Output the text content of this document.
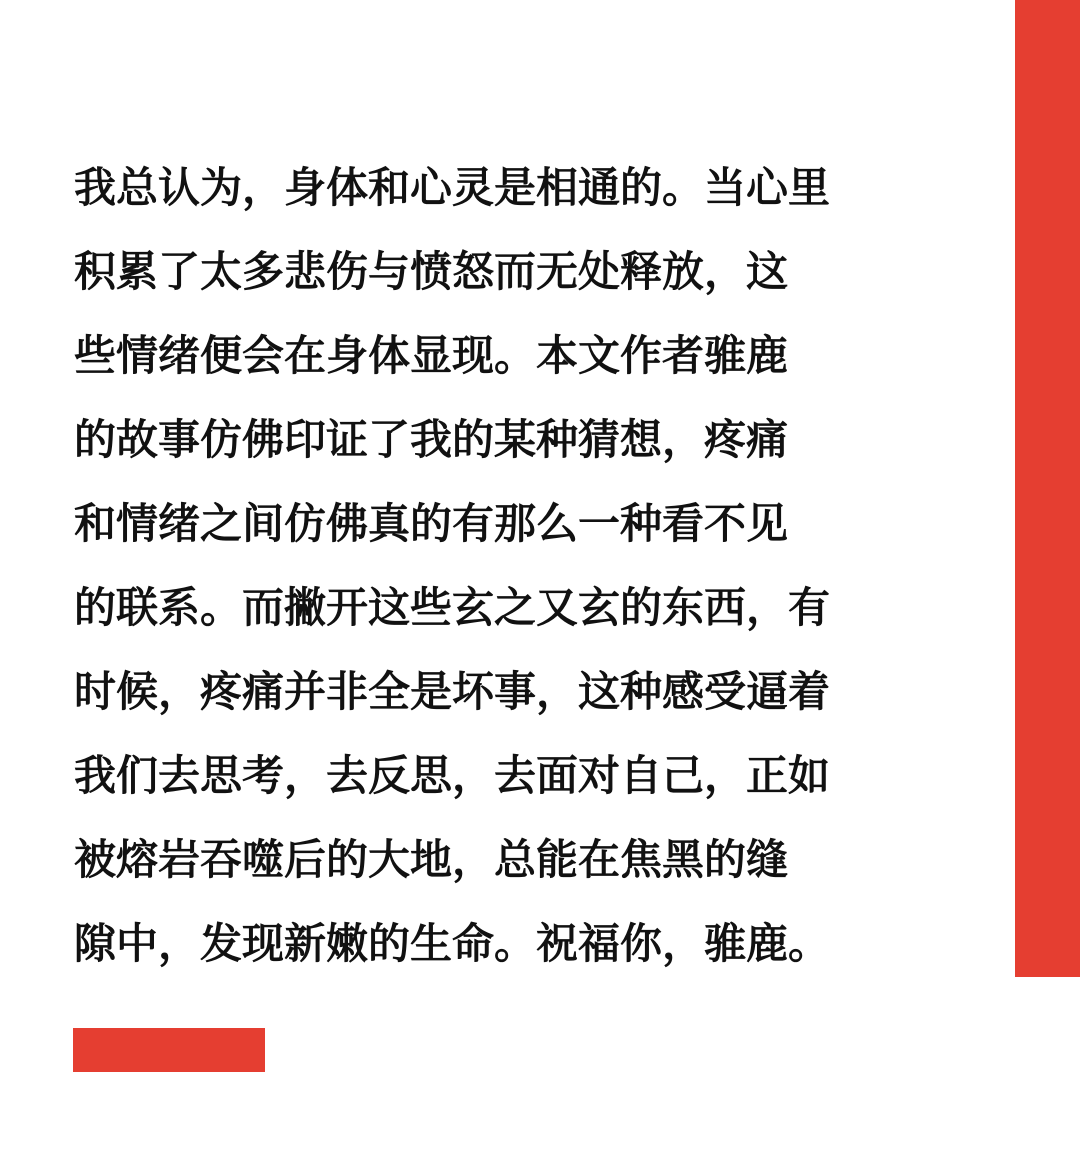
我总认为，身体和心灵是相通的。当心里
积累了太多悲伤与愤怒而无处释放，这
些情绪便会在身体显现。本文作者骓鹿
的故事仿佛印证了我的某种猜想，疼痛
和情绪之间仿佛真的有那么一种看不见
的联系。而撇开这些玄之又玄的东西，有
时候，疼痛并非全是坏事，这种感受逼着
我们去思考，去反思，去面对自己，正如
被熔岩吞噬后的大地，总能在焦黑的缝
隙中，发现新嫩的生命。祝福你，骓鹿。
